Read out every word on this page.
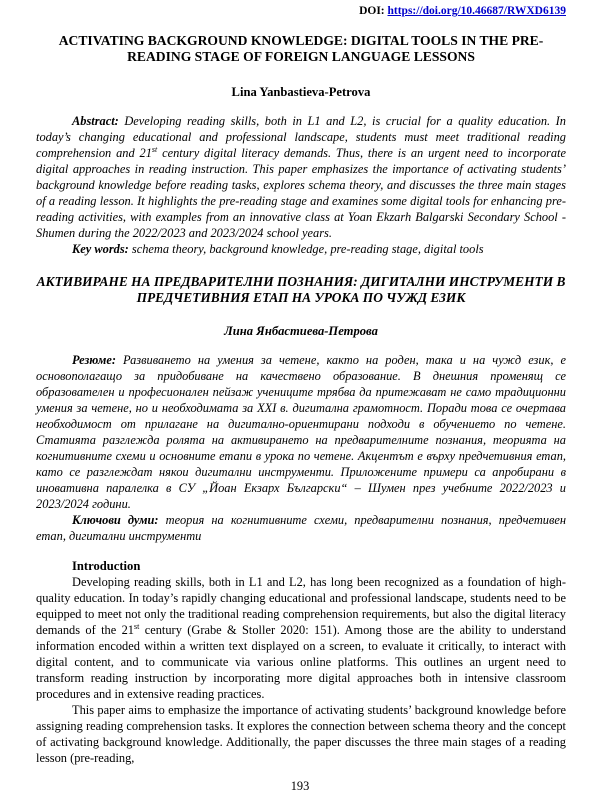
DOI: https://doi.org/10.46687/RWXD6139
ACTIVATING BACKGROUND KNOWLEDGE: DIGITAL TOOLS IN THE PRE-READING STAGE OF FOREIGN LANGUAGE LESSONS
Lina Yanbastieva-Petrova

Abstract: Developing reading skills, both in L1 and L2, is crucial for a quality education. In today’s changing educational and professional landscape, students must meet traditional reading comprehension and 21st century digital literacy demands. Thus, there is an urgent need to incorporate digital approaches in reading instruction. This paper emphasizes the importance of activating students’ background knowledge before reading tasks, explores schema theory, and discusses the three main stages of a reading lesson. It highlights the pre-reading stage and examines some digital tools for enhancing pre-reading activities, with examples from an innovative class at Yoan Ekzarh Balgarski Secondary School - Shumen during the 2022/2023 and 2023/2024 school years.

Key words: schema theory, background knowledge, pre-reading stage, digital tools

АКТИВИРАНЕ НА ПРЕДВАРИТЕЛНИ ПОЗНАНИЯ: ДИГИТАЛНИ ИНСТРУМЕНТИ В ПРЕДЧЕТИВНИЯ ЕТАП НА УРОКА ПО ЧУЖД ЕЗИК
Лина Янбастиева-Петрова

Резюме: Развиването на умения за четене, както на роден, така и на чужд език, е основополагащо за придобиване на качествено образование. В днешния променящ се образователен и професионален пейзаж учениците трябва да притежават не само традиционни умения за четене, но и необходимата за XXI в. дигитална грамотност. Поради това се очертава необходимост от прилагане на дигитално-ориентирани подходи в обучението по четене. Статията разглежда ролята на активирането на предварителните познания, теорията на когнитивните схеми и основните етапи в урока по четене. Акцентът е върху предчетивния етап, като се разглеждат някои дигитални инструменти. Приложените примери са апробирани в иновативна паралелка в СУ „Йоан Екзарх Български“ – Шумен през учебните 2022/2023 и 2023/2024 години.

Ключови думи: теория на когнитивните схеми, предварителни познания, предчетивен етап, дигитални инструменти

Introduction

Developing reading skills, both in L1 and L2, has long been recognized as a foundation of high-quality education. In today’s rapidly changing educational and professional landscape, students need to be equipped to meet not only the traditional reading comprehension requirements, but also the digital literacy demands of the 21st century (Grabe & Stoller 2020: 151). Among those are the ability to understand information encoded within a written text displayed on a screen, to evaluate it critically, to interact with digital content, and to communicate via various online platforms. This outlines an urgent need to transform reading instruction by incorporating more digital approaches both in intensive classroom procedures and in extensive reading practices.

This paper aims to emphasize the importance of activating students’ background knowledge before assigning reading comprehension tasks. It explores the connection between schema theory and the concept of activating background knowledge. Additionally, the paper discusses the three main stages of a reading lesson (pre-reading,

193
